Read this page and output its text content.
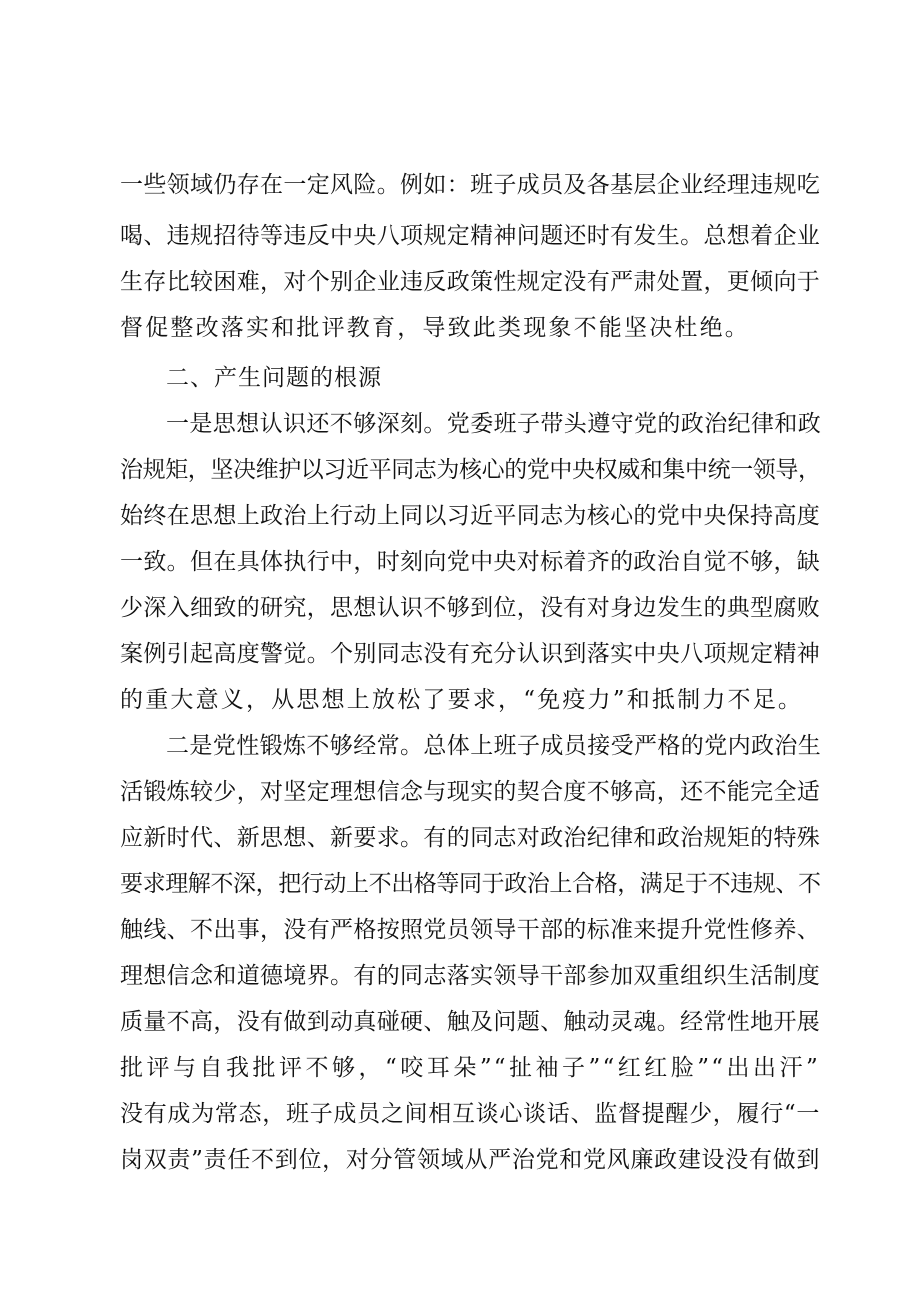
一些领域仍存在一定风险。例如：班子成员及各基层企业经理违规吃
喝、违规招待等违反中央八项规定精神问题还时有发生。总想着企业
生存比较困难，对个别企业违反政策性规定没有严肃处置，更倾向于
督促整改落实和批评教育，导致此类现象不能坚决杜绝。
二、产生问题的根源
一是思想认识还不够深刻。党委班子带头遵守党的政治纪律和政
治规矩，坚决维护以习近平同志为核心的党中央权威和集中统一领导，
始终在思想上政治上行动上同以习近平同志为核心的党中央保持高度
一致。但在具体执行中，时刻向党中央对标着齐的政治自觉不够，缺
少深入细致的研究，思想认识不够到位，没有对身边发生的典型腐败
案例引起高度警觉。个别同志没有充分认识到落实中央八项规定精神
的重大意义，从思想上放松了要求，“免疫力”和抵制力不足。
二是党性锻炼不够经常。总体上班子成员接受严格的党内政治生
活锻炼较少，对坚定理想信念与现实的契合度不够高，还不能完全适
应新时代、新思想、新要求。有的同志对政治纪律和政治规矩的特殊
要求理解不深，把行动上不出格等同于政治上合格，满足于不违规、不
触线、不出事，没有严格按照党员领导干部的标准来提升党性修养、
理想信念和道德境界。有的同志落实领导干部参加双重组织生活制度
质量不高，没有做到动真碰硬、触及问题、触动灵魂。经常性地开展
批评与自我批评不够，“咬耳朵”“扯袖子”“红红脸”“出出汗”
没有成为常态，班子成员之间相互谈心谈话、监督提醒少，履行“一
岗双责”责任不到位，对分管领域从严治党和党风廉政建设没有做到
